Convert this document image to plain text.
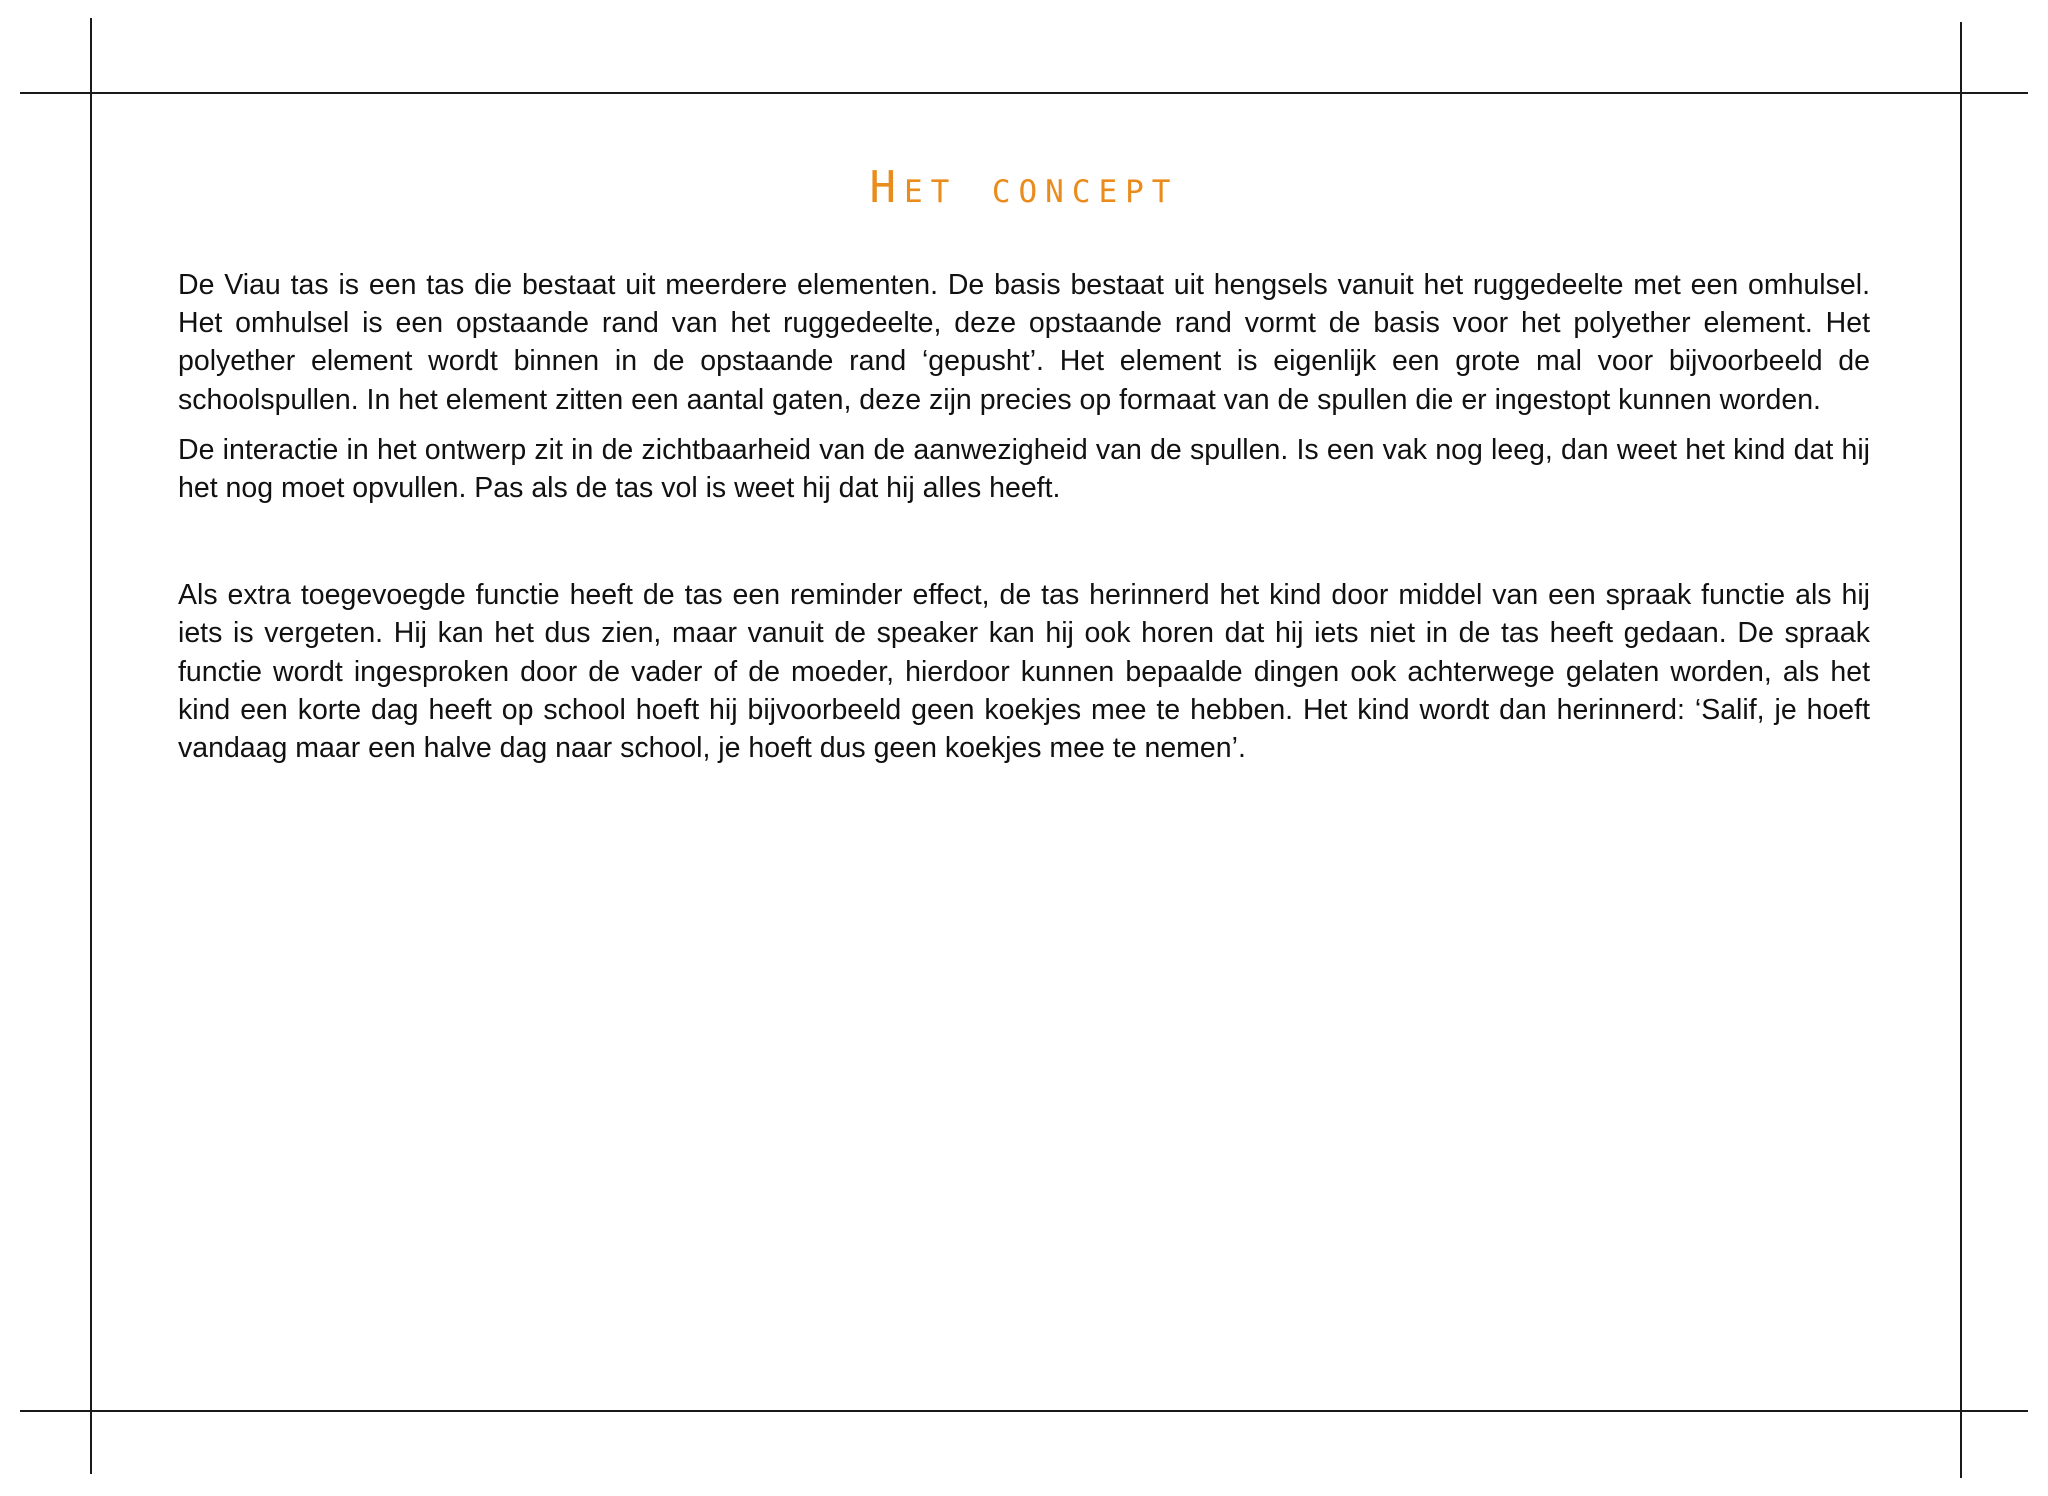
Het concept

De Viau tas is een tas die bestaat uit meerdere elementen. De basis bestaat uit hengsels vanuit het ruggedeelte met een omhulsel. Het omhulsel is een opstaande rand van het ruggedeelte, deze opstaande rand vormt de basis voor het polyether element. Het polyether element wordt binnen in de opstaande rand ‘gepusht’. Het element is eigenlijk een grote mal voor bijvoorbeeld de schoolspullen. In het element zitten een aantal gaten, deze zijn precies op formaat van de spullen die er ingestopt kunnen worden.

De interactie in het ontwerp zit in de zichtbaarheid van de aanwezigheid van de spullen. Is een vak nog leeg, dan weet het kind dat hij het nog moet opvullen. Pas als de tas vol is weet hij dat hij alles heeft.

Als extra toegevoegde functie heeft de tas een reminder effect, de tas herinnerd het kind door middel van een spraak functie als hij iets is vergeten. Hij kan het dus zien, maar vanuit de speaker kan hij ook horen dat hij iets niet in de tas heeft gedaan. De spraak functie wordt ingesproken door de vader of de moeder, hierdoor kunnen bepaalde dingen ook achterwege gelaten worden, als het kind een korte dag heeft op school hoeft hij bijvoorbeeld geen koekjes mee te hebben. Het kind wordt dan herinnerd: ‘Salif, je hoeft vandaag maar een halve dag naar school, je hoeft dus geen koekjes mee te nemen’.
